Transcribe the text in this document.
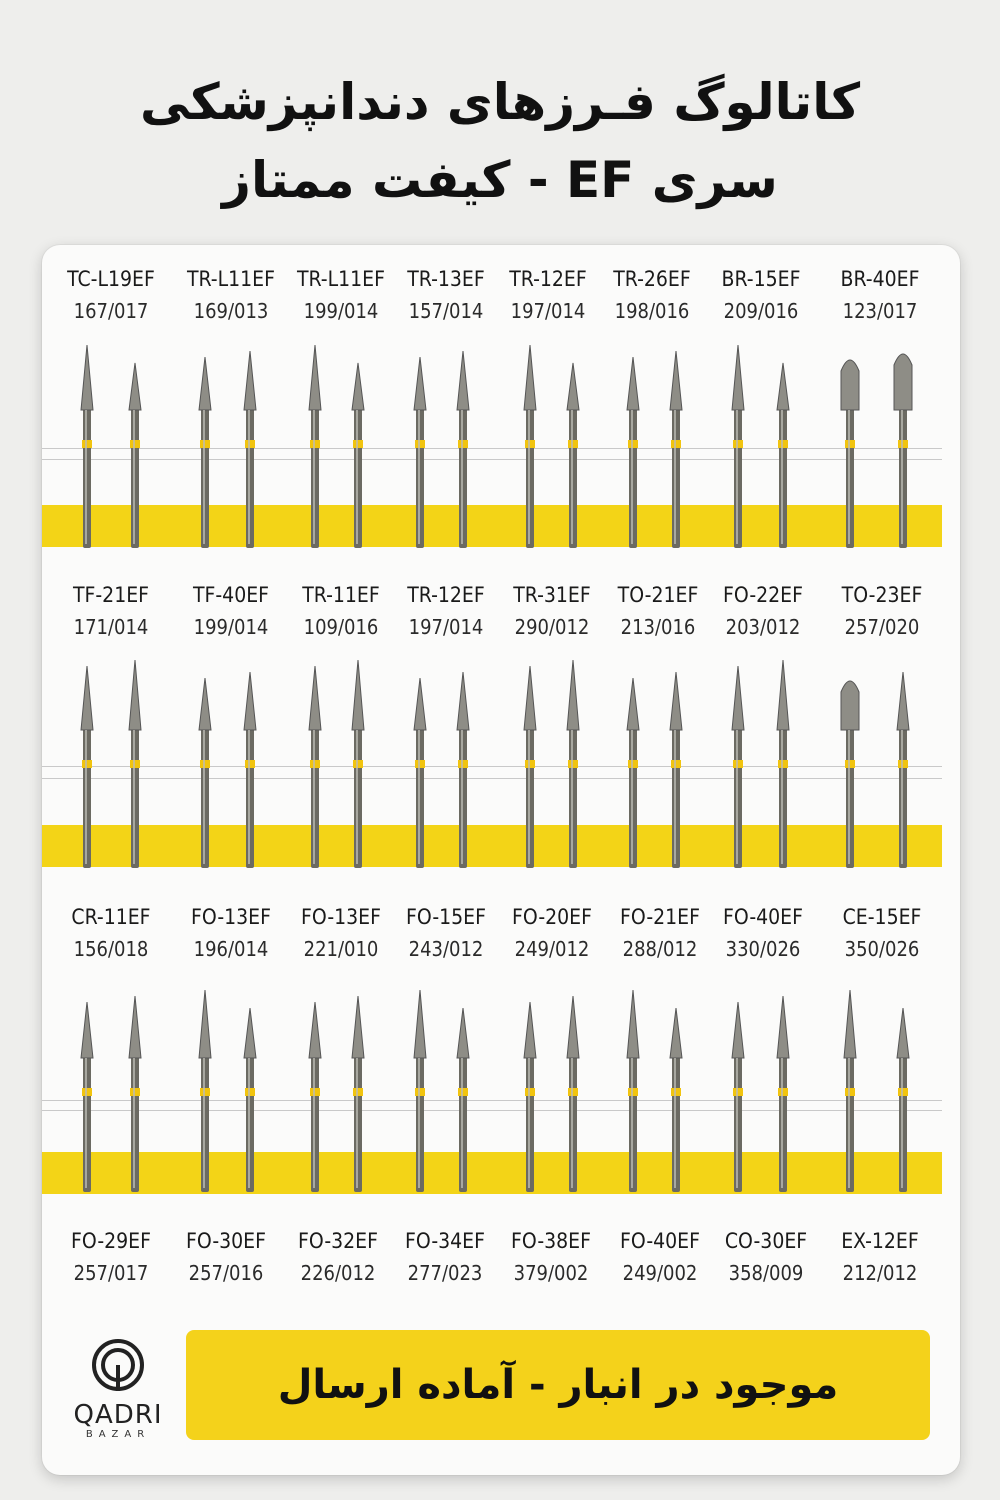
کاتالوگ فـرزهای دندانپزشکی
سری EF - کیفت ممتاز
TC-L19EF
167/017
TR-L11EF
169/013
TR-L11EF
199/014
TR-13EF
157/014
TR-12EF
197/014
TR-26EF
198/016
BR-15EF
209/016
BR-40EF
123/017
TF-21EF
171/014
TF-40EF
199/014
TR-11EF
109/016
TR-12EF
197/014
TR-31EF
290/012
TO-21EF
213/016
FO-22EF
203/012
TO-23EF
257/020
CR-11EF
156/018
FO-13EF
196/014
FO-13EF
221/010
FO-15EF
243/012
FO-20EF
249/012
FO-21EF
288/012
FO-40EF
330/026
CE-15EF
350/026
FO-29EF
257/017
FO-30EF
257/016
FO-32EF
226/012
FO-34EF
277/023
FO-38EF
379/002
FO-40EF
249/002
CO-30EF
358/009
EX-12EF
212/012
QADRI
BAZAR
موجود در انبار - آماده ارسال
